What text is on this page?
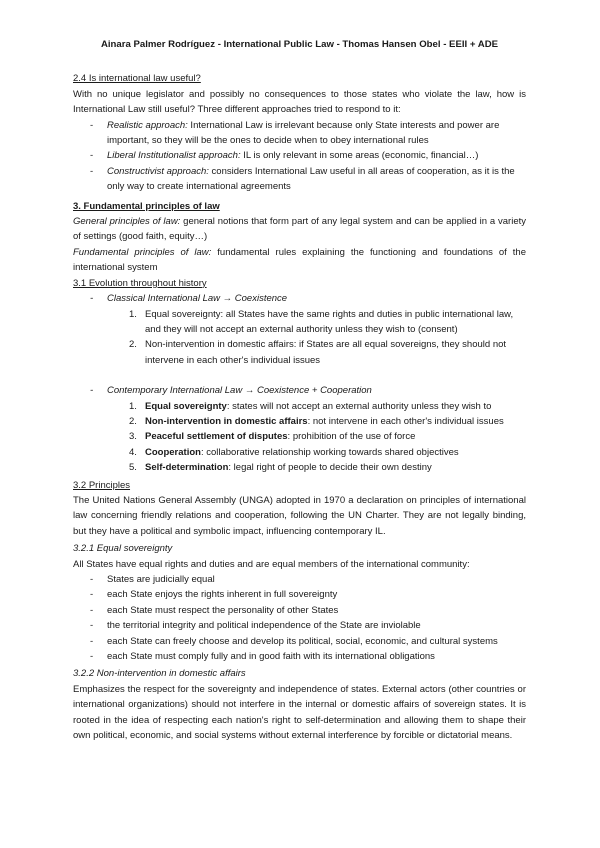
Ainara Palmer Rodríguez - International Public Law - Thomas Hansen Obel - EEII + ADE

2.4 Is international law useful?

With no unique legislator and possibly no consequences to those states who violate the law, how is International Law still useful? Three different approaches tried to respond to it:

- Realistic approach: International Law is irrelevant because only State interests and power are important, so they will be the ones to decide when to obey international rules
- Liberal Institutionalist approach: IL is only relevant in some areas (economic, financial…)
- Constructivist approach: considers International Law useful in all areas of cooperation, as it is the only way to create international agreements

3. Fundamental principles of law

General principles of law: general notions that form part of any legal system and can be applied in a variety of settings (good faith, equity…)

Fundamental principles of law: fundamental rules explaining the functioning and foundations of the international system

3.1 Evolution throughout history

- Classical International Law → Coexistence
1. Equal sovereignty: all States have the same rights and duties in public international law, and they will not accept an external authority unless they wish to (consent)
2. Non-intervention in domestic affairs: if States are all equal sovereigns, they should not intervene in each other's individual issues
- Contemporary International Law → Coexistence + Cooperation
1. Equal sovereignty: states will not accept an external authority unless they wish to
2. Non-intervention in domestic affairs: not intervene in each other's individual issues
3. Peaceful settlement of disputes: prohibition of the use of force
4. Cooperation: collaborative relationship working towards shared objectives
5. Self-determination: legal right of people to decide their own destiny

3.2 Principles

The United Nations General Assembly (UNGA) adopted in 1970 a declaration on principles of international law concerning friendly relations and cooperation, following the UN Charter. They are not legally binding, but they have a political and symbolic impact, influencing contemporary IL.

3.2.1 Equal sovereignty

All States have equal rights and duties and are equal members of the international community:

- States are judicially equal
- each State enjoys the rights inherent in full sovereignty
- each State must respect the personality of other States
- the territorial integrity and political independence of the State are inviolable
- each State can freely choose and develop its political, social, economic, and cultural systems
- each State must comply fully and in good faith with its international obligations

3.2.2 Non-intervention in domestic affairs

Emphasizes the respect for the sovereignty and independence of states. External actors (other countries or international organizations) should not interfere in the internal or domestic affairs of sovereign states. It is rooted in the idea of respecting each nation's right to self-determination and allowing them to shape their own political, economic, and social systems without external interference by forcible or dictatorial means.
